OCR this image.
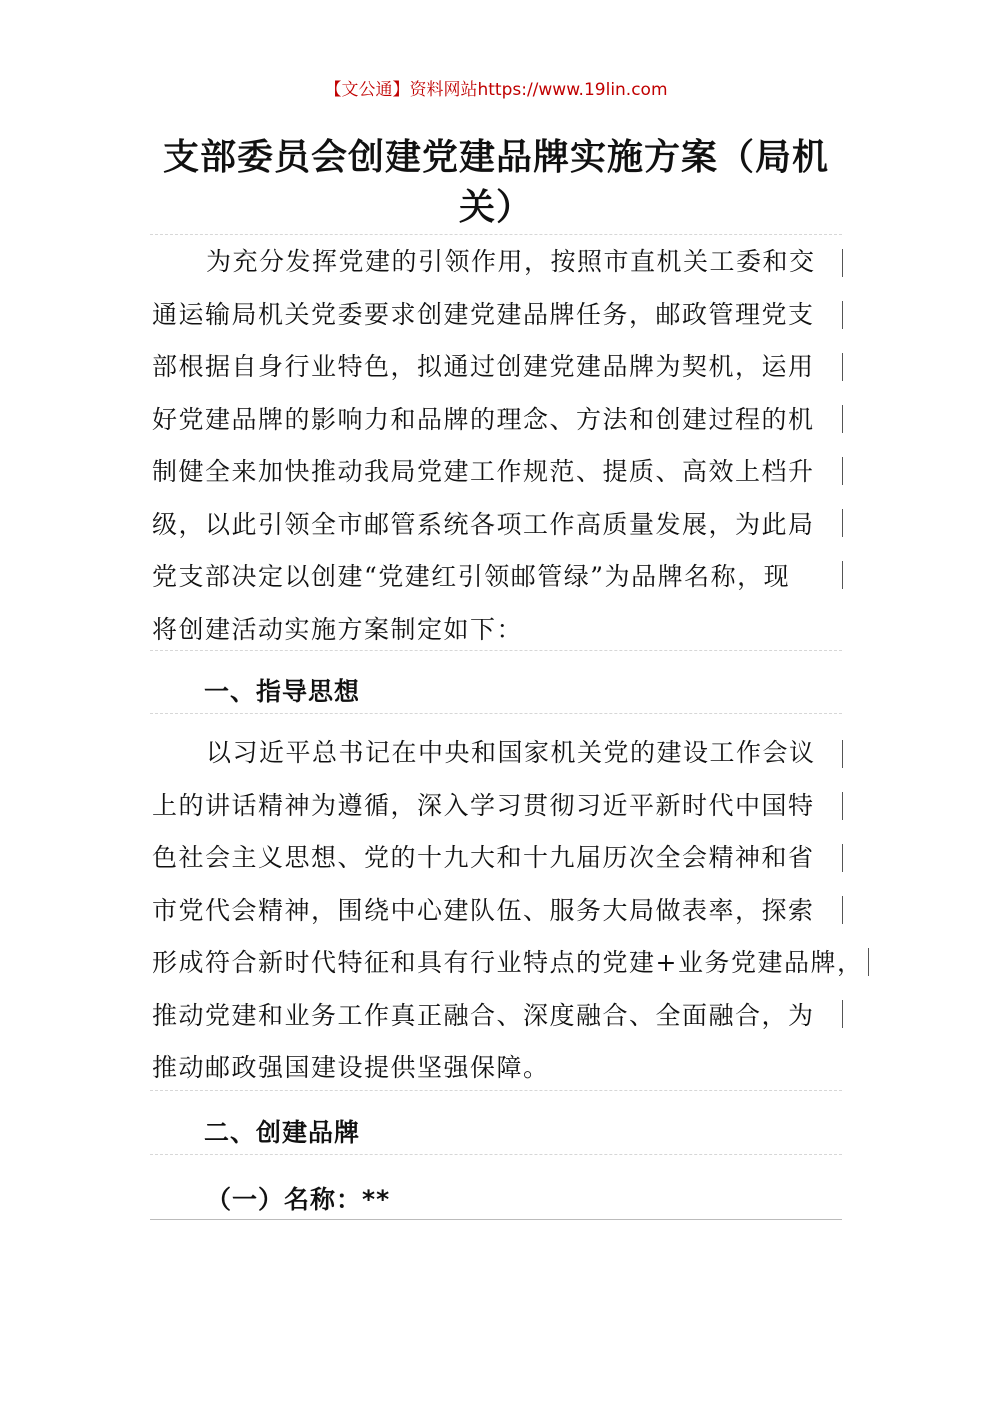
【文公通】资料网站https://www.19lin.com
支部委员会创建党建品牌实施方案（局机关）

为充分发挥党建的引领作用，按照市直机关工委和交
通运输局机关党委要求创建党建品牌任务，邮政管理党支
部根据自身行业特色，拟通过创建党建品牌为契机，运用
好党建品牌的影响力和品牌的理念、方法和创建过程的机
制健全来加快推动我局党建工作规范、提质、高效上档升
级，以此引领全市邮管系统各项工作高质量发展，为此局
党支部决定以创建“党建红引领邮管绿”为品牌名称，现
将创建活动实施方案制定如下：

一、指导思想

以习近平总书记在中央和国家机关党的建设工作会议
上的讲话精神为遵循，深入学习贯彻习近平新时代中国特
色社会主义思想、党的十九大和十九届历次全会精神和省
市党代会精神，围绕中心建队伍、服务大局做表率，探索
形成符合新时代特征和具有行业特点的党建+业务党建品牌，
推动党建和业务工作真正融合、深度融合、全面融合，为
推动邮政强国建设提供坚强保障。

二、创建品牌

（一）名称：**
